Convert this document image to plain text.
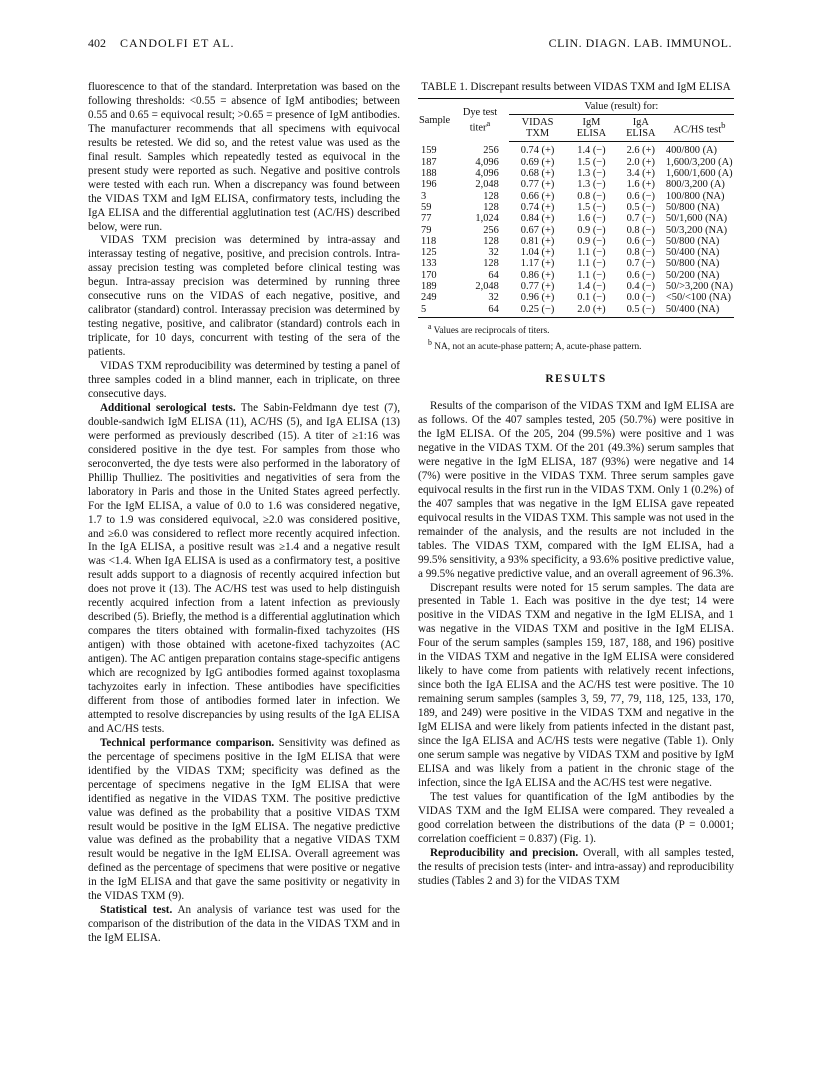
402 CANDOLFI ET AL.	CLIN. DIAGN. LAB. IMMUNOL.

fluorescence to that of the standard. Interpretation was based on the following thresholds: <0.55 = absence of IgM antibodies; between 0.55 and 0.65 = equivocal result; >0.65 = presence of IgM antibodies. The manufacturer recommends that all specimens with equivocal results be retested. We did so, and the retest value was used as the final result. Samples which repeatedly tested as equivocal in the present study were reported as such. Negative and positive controls were tested with each run. When a discrepancy was found between the VIDAS TXM and IgM ELISA, confirmatory tests, including the IgA ELISA and the differential agglutination test (AC/HS) described below, were run.

VIDAS TXM precision was determined by intra-assay and interassay testing of negative, positive, and precision controls. Intra-assay precision testing was completed before clinical testing was begun. Intra-assay precision was determined by running three consecutive runs on the VIDAS of each negative, positive, and calibrator (standard) control. Interassay precision was determined by testing negative, positive, and calibrator (standard) controls each in triplicate, for 10 days, concurrent with testing of the sera of the patients.

VIDAS TXM reproducibility was determined by testing a panel of three samples coded in a blind manner, each in triplicate, on three consecutive days.

Additional serological tests. The Sabin-Feldmann dye test (7), double-sandwich IgM ELISA (11), AC/HS (5), and IgA ELISA (13) were performed as previously described (15). A titer of ≥1:16 was considered positive in the dye test. For samples from those who seroconverted, the dye tests were also performed in the laboratory of Phillip Thulliez. The positivities and negativities of sera from the laboratory in Paris and those in the United States agreed perfectly. For the IgM ELISA, a value of 0.0 to 1.6 was considered negative, 1.7 to 1.9 was considered equivocal, ≥2.0 was considered positive, and ≥6.0 was considered to reflect more recently acquired infection. In the IgA ELISA, a positive result was ≥1.4 and a negative result was <1.4. When IgA ELISA is used as a confirmatory test, a positive result adds support to a diagnosis of recently acquired infection but does not prove it (13). The AC/HS test was used to help distinguish recently acquired infection from a latent infection as previously described (5). Briefly, the method is a differential agglutination which compares the titers obtained with formalin-fixed tachyzoites (HS antigen) with those obtained with acetone-fixed tachyzoites (AC antigen). The AC antigen preparation contains stage-specific antigens which are recognized by IgG antibodies formed against toxoplasma tachyzoites early in infection. These antibodies have specificities different from those of antibodies formed later in infection. We attempted to resolve discrepancies by using results of the IgA ELISA and AC/HS tests.

Technical performance comparison. Sensitivity was defined as the percentage of specimens positive in the IgM ELISA that were identified by the VIDAS TXM; specificity was defined as the percentage of specimens negative in the IgM ELISA that were identified as negative in the VIDAS TXM. The positive predictive value was defined as the probability that a positive VIDAS TXM result would be positive in the IgM ELISA. The negative predictive value was defined as the probability that a negative VIDAS TXM result would be negative in the IgM ELISA. Overall agreement was defined as the percentage of specimens that were positive or negative in the IgM ELISA and that gave the same positivity or negativity in the VIDAS TXM (9).

Statistical test. An analysis of variance test was used for the comparison of the distribution of the data in the VIDAS TXM and in the IgM ELISA.

TABLE 1. Discrepant results between VIDAS TXM and IgM ELISA
Sample	Dye test titer$^a$	Value (result) for:			
		VIDAS TXM	IgM ELISA	IgA ELISA	AC/HS test$^b$
159	256	0.74 (+)	1.4 (−)	2.6 (+)	400/800 (A)
187	4,096	0.69 (+)	1.5 (−)	2.0 (+)	1,600/3,200 (A)
188	4,096	0.68 (+)	1.3 (−)	3.4 (+)	1,600/1,600 (A)
196	2,048	0.77 (+)	1.3 (−)	1.6 (+)	800/3,200 (A)
3	128	0.66 (+)	0.8 (−)	0.6 (−)	100/800 (NA)
59	128	0.74 (+)	1.5 (−)	0.5 (−)	50/800 (NA)
77	1,024	0.84 (+)	1.6 (−)	0.7 (−)	50/1,600 (NA)
79	256	0.67 (+)	0.9 (−)	0.8 (−)	50/3,200 (NA)
118	128	0.81 (+)	0.9 (−)	0.6 (−)	50/800 (NA)
125	32	1.04 (+)	1.1 (−)	0.8 (−)	50/400 (NA)
133	128	1.17 (+)	1.1 (−)	0.7 (−)	50/800 (NA)
170	64	0.86 (+)	1.1 (−)	0.6 (−)	50/200 (NA)
189	2,048	0.77 (+)	1.4 (−)	0.4 (−)	50/>3,200 (NA)
249	32	0.96 (+)	0.1 (−)	0.0 (−)	<50/<100 (NA)
5	64	0.25 (−)	2.0 (+)	0.5 (−)	50/400 (NA)
$^a$ Values are reciprocals of titers.
$^b$ NA, not an acute-phase pattern; A, acute-phase pattern.
RESULTS

Results of the comparison of the VIDAS TXM and IgM ELISA are as follows. Of the 407 samples tested, 205 (50.7%) were positive in the IgM ELISA. Of the 205, 204 (99.5%) were positive and 1 was negative in the VIDAS TXM. Of the 201 (49.3%) serum samples that were negative in the IgM ELISA, 187 (93%) were negative and 14 (7%) were positive in the VIDAS TXM. Three serum samples gave equivocal results in the first run in the VIDAS TXM. Only 1 (0.2%) of the 407 samples that was negative in the IgM ELISA gave repeated equivocal results in the VIDAS TXM. This sample was not used in the remainder of the analysis, and the results are not included in the tables. The VIDAS TXM, compared with the IgM ELISA, had a 99.5% sensitivity, a 93% specificity, a 93.6% positive predictive value, a 99.5% negative predictive value, and an overall agreement of 96.3%.

Discrepant results were noted for 15 serum samples. The data are presented in Table 1. Each was positive in the dye test; 14 were positive in the VIDAS TXM and negative in the IgM ELISA, and 1 was negative in the VIDAS TXM and positive in the IgM ELISA. Four of the serum samples (samples 159, 187, 188, and 196) positive in the VIDAS TXM and negative in the IgM ELISA were considered likely to have come from patients with relatively recent infections, since both the IgA ELISA and the AC/HS test were positive. The 10 remaining serum samples (samples 3, 59, 77, 79, 118, 125, 133, 170, 189, and 249) were positive in the VIDAS TXM and negative in the IgM ELISA and were likely from patients infected in the distant past, since the IgA ELISA and AC/HS tests were negative (Table 1). Only one serum sample was negative by VIDAS TXM and positive by IgM ELISA and was likely from a patient in the chronic stage of the infection, since the IgA ELISA and the AC/HS test were negative.

The test values for quantification of the IgM antibodies by the VIDAS TXM and the IgM ELISA were compared. They revealed a good correlation between the distributions of the data (P = 0.0001; correlation coefficient = 0.837) (Fig. 1).

Reproducibility and precision. Overall, with all samples tested, the results of precision tests (inter- and intra-assay) and reproducibility studies (Tables 2 and 3) for the VIDAS TXM
